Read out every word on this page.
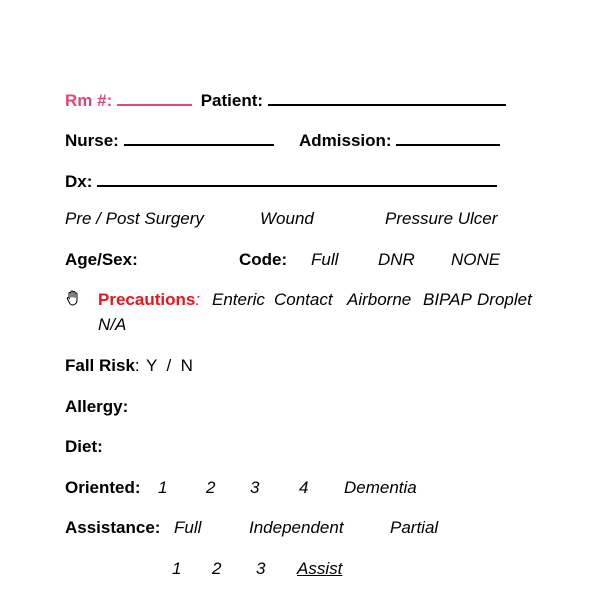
Rm #:	Patient:
Nurse:	Admission:
Dx:
Pre / Post Surgery	Wound	Pressure Ulcer
Age/Sex:	Code: Full DNR NONE
Precautions: Enteric Contact Airborne BIPAP Droplet
N/A
Fall Risk: Y  /  N
Allergy:
Diet:
Oriented: 1 2 3 4 Dementia
Assistance: Full	Independent	Partial
1 2 3 Assist
